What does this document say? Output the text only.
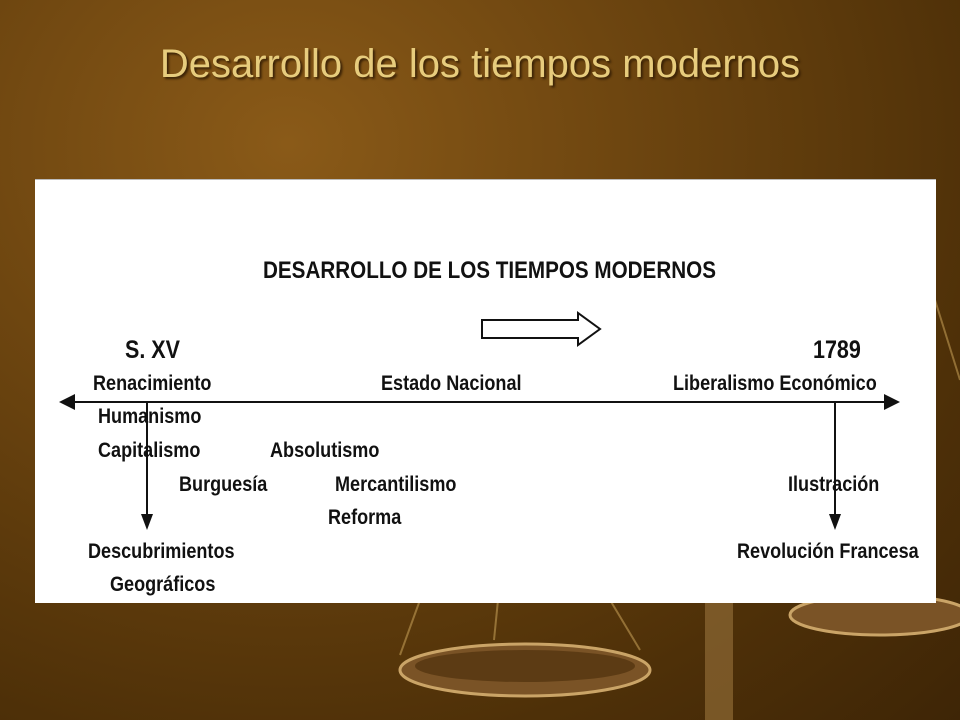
Desarrollo de los tiempos modernos
DESARROLLO DE LOS TIEMPOS MODERNOS
S. XV	1789
Renacimiento	Estado Nacional	Liberalismo Económico
Humanismo
Capitalismo	Absolutismo
Burguesía	Mercantilismo
Reforma
Ilustración
Descubrimientos
Geográficos
Revolución Francesa
